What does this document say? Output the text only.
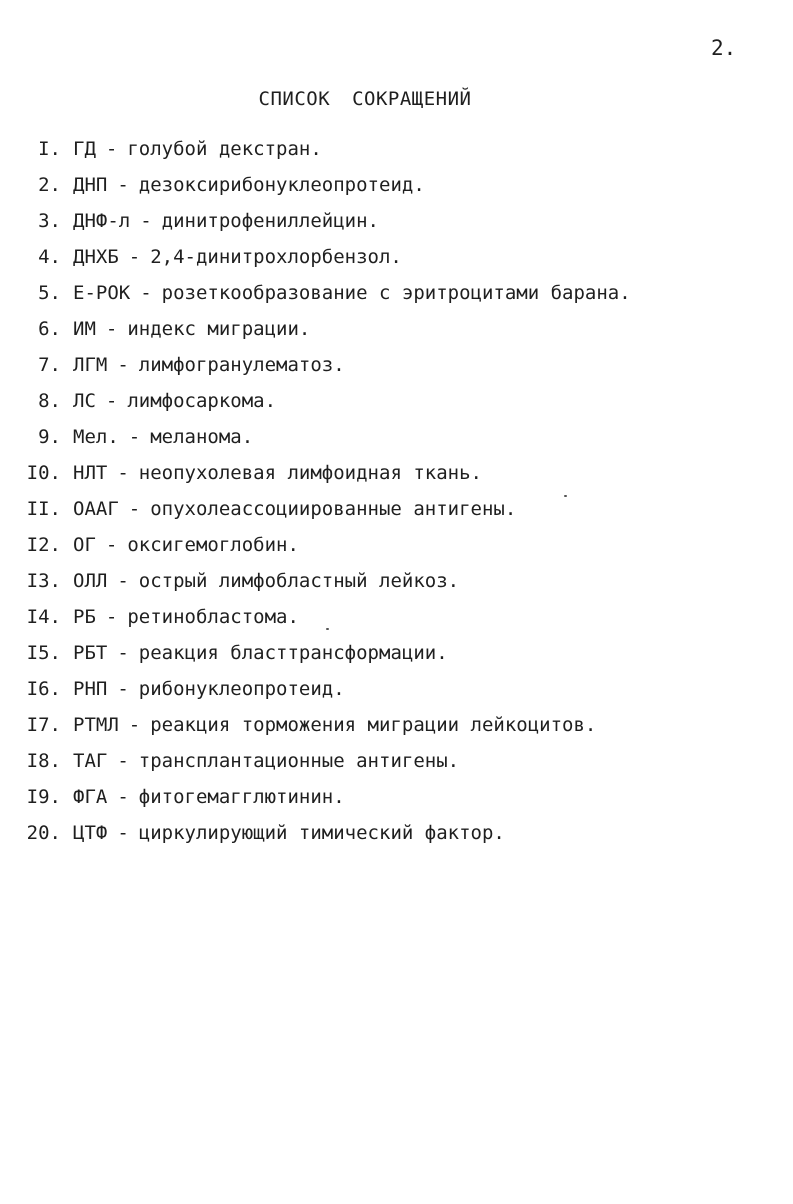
2.
СПИСОК СОКРАЩЕНИЙ
I. ГД - голубой декстран.
2. ДНП - дезоксирибонуклеопротеид.
3. ДНФ-л - динитрофениллейцин.
4. ДНХБ - 2,4-динитрохлорбензол.
5. Е-РОК - розеткообразование с эритроцитами барана.
6. ИМ - индекс миграции.
7. ЛГМ - лимфогранулематоз.
8. ЛС - лимфосаркома.
9. Мел. - меланома.
I0. НЛТ - неопухолевая лимфоидная ткань.
II. ОААГ - опухолеассоциированные антигены.
I2. ОГ - оксигемоглобин.
I3. ОЛЛ - острый лимфобластный лейкоз.
I4. РБ - ретинобластома.
I5. РБТ - реакция бласттрансформации.
I6. РНП - рибонуклеопротеид.
I7. РТМЛ - реакция торможения миграции лейкоцитов.
I8. ТАГ - трансплантационные антигены.
I9. ФГА - фитогемагглютинин.
20. ЦТФ - циркулирующий тимический фактор.
